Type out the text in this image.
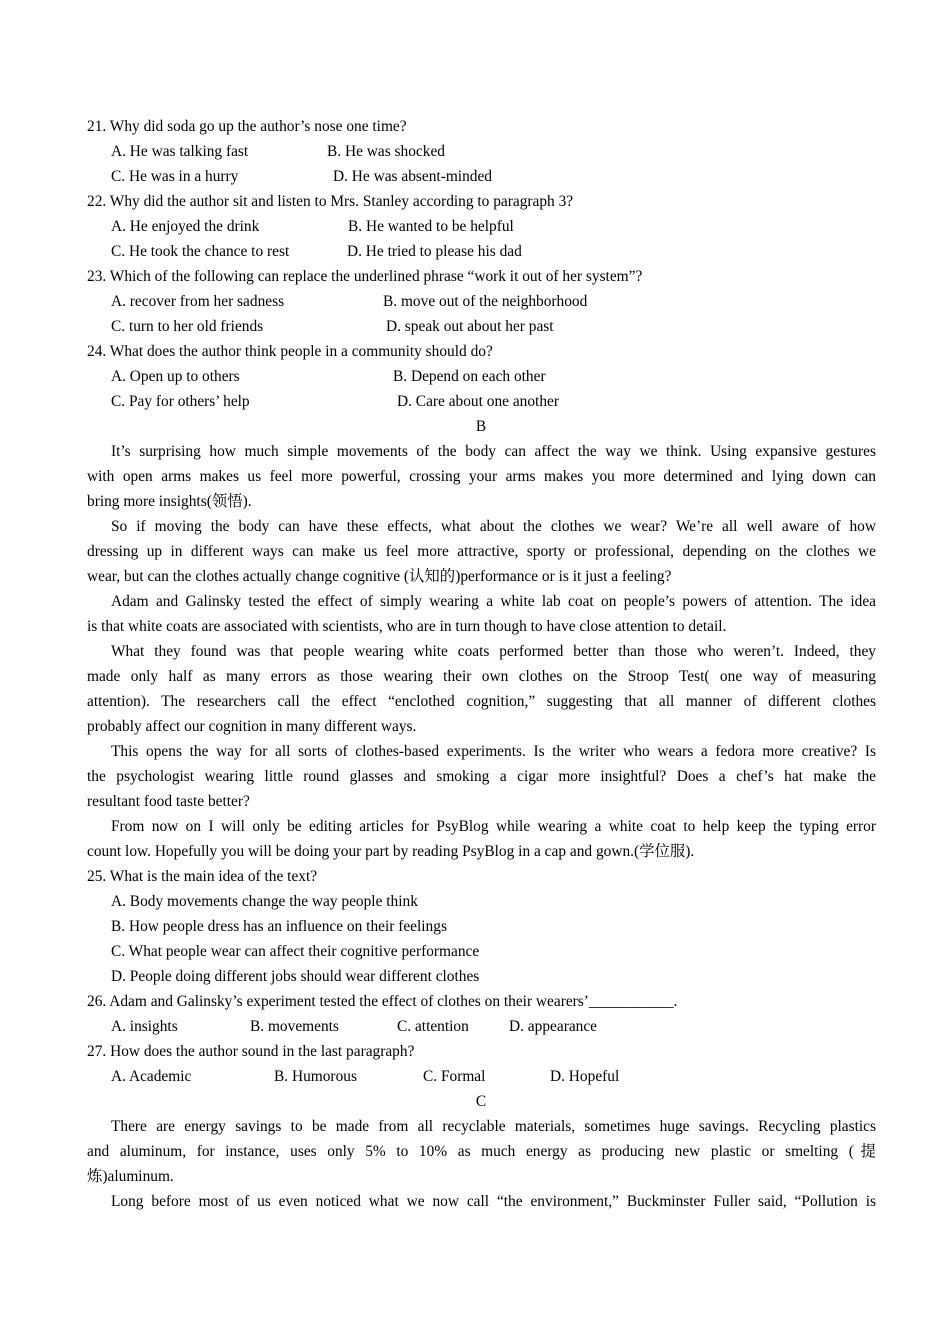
21. Why did soda go up the author’s nose one time?
A. He was talking fast	B. He was shocked
C. He was in a hurry	D. He was absent-minded
22. Why did the author sit and listen to Mrs. Stanley according to paragraph 3?
A. He enjoyed the drink	B. He wanted to be helpful
C. He took the chance to rest	D. He tried to please his dad
23. Which of the following can replace the underlined phrase “work it out of her system”?
A. recover from her sadness	B. move out of the neighborhood
C. turn to her old friends	D. speak out about her past
24. What does the author think people in a community should do?
A. Open up to others	B. Depend on each other
C. Pay for others’ help	D. Care about one another
B
It’s surprising how much simple movements of the body can affect the way we think. Using expansive gestures
with open arms makes us feel more powerful, crossing your arms makes you more determined and lying down can
bring more insights(领悟).
So if moving the body can have these effects, what about the clothes we wear? We’re all well aware of how
dressing up in different ways can make us feel more attractive, sporty or professional, depending on the clothes we
wear, but can the clothes actually change cognitive (认知的)performance or is it just a feeling?
Adam and Galinsky tested the effect of simply wearing a white lab coat on people’s powers of attention. The idea
is that white coats are associated with scientists, who are in turn though to have close attention to detail.
What they found was that people wearing white coats performed better than those who weren’t. Indeed, they
made only half as many errors as those wearing their own clothes on the Stroop Test( one way of measuring
attention). The researchers call the effect “enclothed cognition,” suggesting that all manner of different clothes
probably affect our cognition in many different ways.
This opens the way for all sorts of clothes-based experiments. Is the writer who wears a fedora more creative? Is
the psychologist wearing little round glasses and smoking a cigar more insightful? Does a chef’s hat make the
resultant food taste better?
From now on I will only be editing articles for PsyBlog while wearing a white coat to help keep the typing error
count low. Hopefully you will be doing your part by reading PsyBlog in a cap and gown.(学位服).
25. What is the main idea of the text?
A. Body movements change the way people think
B. How people dress has an influence on their feelings
C. What people wear can affect their cognitive performance
D. People doing different jobs should wear different clothes
26. Adam and Galinsky’s experiment tested the effect of clothes on their wearers’___________.
A. insights	B. movements	C. attention	D. appearance
27. How does the author sound in the last paragraph?
A. Academic	B. Humorous	C. Formal	D. Hopeful
C
There are energy savings to be made from all recyclable materials, sometimes huge savings. Recycling plastics
and aluminum, for instance, uses only 5% to 10% as much energy as producing new plastic or smelting (提
炼)aluminum.
Long before most of us even noticed what we now call “the environment,” Buckminster Fuller said, “Pollution is
